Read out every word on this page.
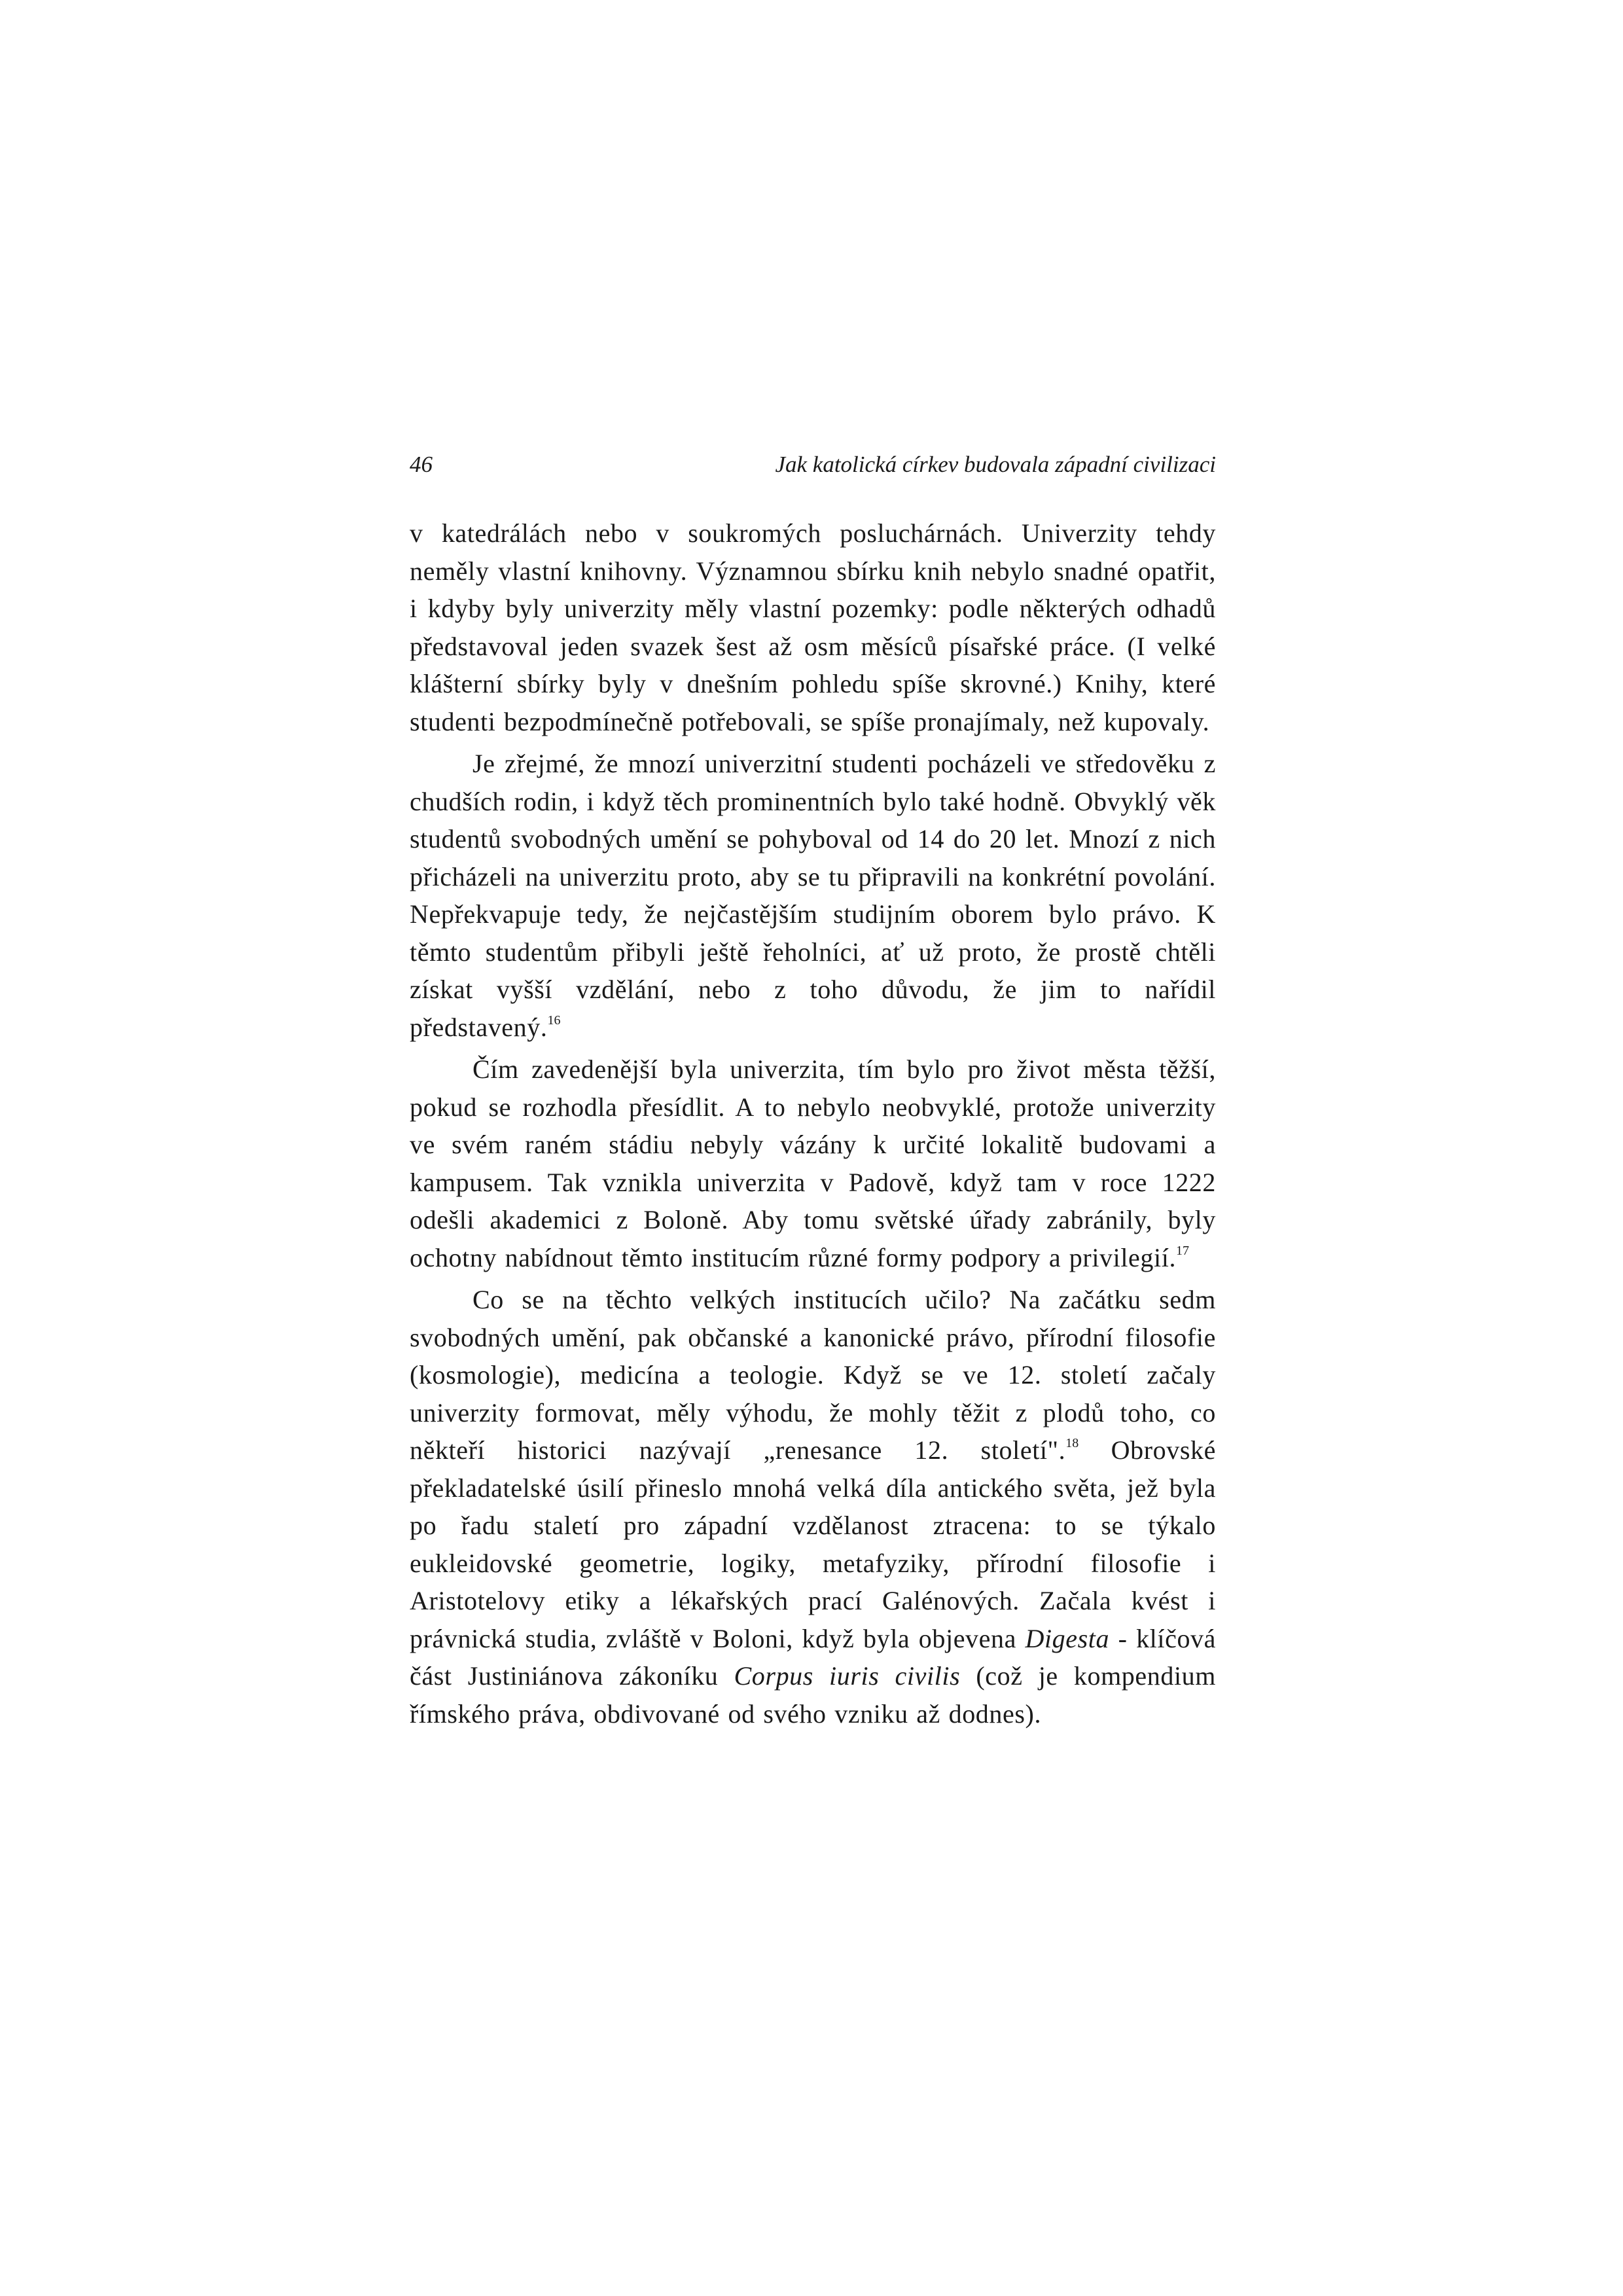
46	Jak katolická církev budovala západní civilizaci

v katedrálách nebo v soukromých posluchárnách. Univerzity tehdy neměly vlastní knihovny. Významnou sbírku knih nebylo snadné opatřit, i kdyby byly univerzity měly vlastní pozemky: podle některých odhadů představoval jeden svazek šest až osm měsíců písařské práce. (I velké klášterní sbírky byly v dnešním pohledu spíše skrovné.) Knihy, které studenti bezpodmínečně potřebovali, se spíše pronajímaly, než kupovaly.

Je zřejmé, že mnozí univerzitní studenti pocházeli ve středověku z chudších rodin, i když těch prominentních bylo také hodně. Obvyklý věk studentů svobodných umění se pohyboval od 14 do 20 let. Mnozí z nich přicházeli na univerzitu proto, aby se tu připravili na konkrétní povolání. Nepřekvapuje tedy, že nejčastějším studijním oborem bylo právo. K těmto studentům přibyli ještě řeholníci, ať už proto, že prostě chtěli získat vyšší vzdělání, nebo z toho důvodu, že jim to nařídil představený.$^{16}$

Čím zavedenější byla univerzita, tím bylo pro život města těžší, pokud se rozhodla přesídlit. A to nebylo neobvyklé, protože univerzity ve svém raném stádiu nebyly vázány k určité lokalitě budovami a kampusem. Tak vznikla univerzita v Padově, když tam v roce 1222 odešli akademici z Boloně. Aby tomu světské úřady zabránily, byly ochotny nabídnout těmto institucím různé formy podpory a privilegií.$^{17}$

Co se na těchto velkých institucích učilo? Na začátku sedm svobodných umění, pak občanské a kanonické právo, přírodní filosofie (kosmologie), medicína a teologie. Když se ve 12. století začaly univerzity formovat, měly výhodu, že mohly těžit z plodů toho, co někteří historici nazývají „renesance 12. století".$^{18}$ Obrovské překladatelské úsilí přineslo mnohá velká díla antického světa, jež byla po řadu staletí pro západní vzdělanost ztracena: to se týkalo eukleidovské geometrie, logiky, metafyziky, přírodní filosofie i Aristotelovy etiky a lékařských prací Galénových. Začala kvést i právnická studia, zvláště v Boloni, když byla objevena Digesta - klíčová část Justiniánova zákoníku Corpus iuris civilis (což je kompendium římského práva, obdivované od svého vzniku až dodnes).
